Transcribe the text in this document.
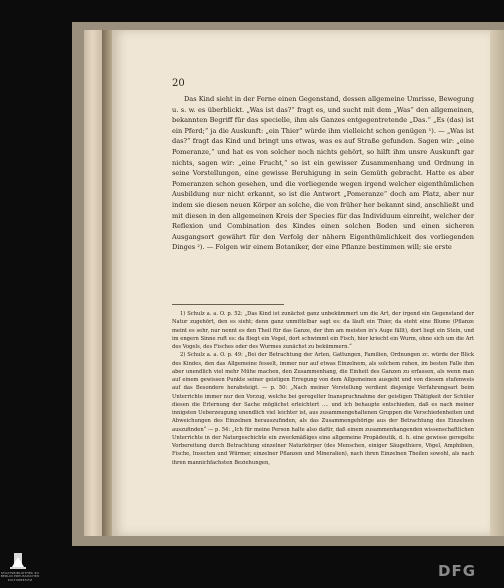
20

Das Kind sieht in der Ferne einen Gegenstand, dessen allgemeine Umrisse, Bewegung u. s. w. es überblickt. „Was ist das?“ fragt es, und sucht mit dem „Was“ den allgemeinen, bekannten Begriff für das specielle, ihm als Ganzes entgegentretende „Das.“ „Es (das) ist ein Pferd;“ ja die Auskunft: „ein Thier“ würde ihm vielleicht schon genügen ¹). — „Was ist das?“ fragt das Kind und bringt uns etwas, was es auf Straße gefunden. Sagen wir: „eine Pomeranze,“ und hat es von solcher noch nichts gehört, so hilft ihm unsre Auskunft gar nichts, sagen wir: „eine Frucht,“ so ist ein gewisser Zusammenhang und Ordnung in seine Vorstellungen, eine gewisse Beruhigung in sein Gemüth gebracht. Hatte es aber Pomeranzen schon gesehen, und die vorliegende wegen irgend welcher eigenthümlichen Ausbildung nur nicht erkannt, so ist die Antwort „Pomeranze“ doch am Platz, aber nur indem sie diesen neuen Körper an solche, die von früher her bekannt sind, anschließt und mit diesen in den allgemeinen Kreis der Species für das Individuum einreiht, welcher der Reflexion und Combination des Kindes einen solchen Boden und einen sicheren Ausgangsort gewährt für den Verfolg der nähern Eigenthümlichkeit des vorliegenden Dinges ²). — Folgen wir einem Botaniker, der eine Pflanze bestimmen will; sie erste

1) Schulz a. a. O. p. 52: „Das Kind ist zunächst ganz unbekümmert um die Art, der irgend ein Gegenstand der Natur zugehört, den es sieht; denn ganz unmittelbar sagt es: da läuft ein Thier, da steht eine Blume (Pflanze meint es sehr, nur nennt es den Theil für das Ganze, der ihm am meisten in's Auge fällt), dort liegt ein Stein, und im engern Sinne ruft es: da fliegt ein Vogel, dort schwimmt ein Fisch, hier kriecht ein Wurm, ohne sich um die Art des Vogels, des Fisches oder des Wurmes zunächst zu bekümmern.“

2) Schulz a. a. O. p. 49: „Bei der Betrachtung der Arten, Gattungen, Familien, Ordnungen zc. würde der Blick des Kindes, den das Allgemeine fesselt, immer nur auf etwas Einzelnem, als solchem ruhen, im besten Falle ihm aber unendlich viel mehr Mühe machen, den Zusammenhang, die Einheit des Ganzen zu erfassen, als wenn man auf einem gewissen Punkte seiner geistigen Erregung von dem Allgemeinen ausgeht und von diesem stufenweis auf das Besondere herabsteigt. — p. 50: „Nach meiner Vorstellung verdient diejenige Verfahrungsart beim Unterrichte immer nur den Vorzug, welche bei geregelter Inanspruchnahme der geistigen Thätigkeit der Schüler diesen die Erlernung der Sache möglichst erleichtert .... und ich behaupte entschieden, daß es nach meiner innigsten Ueberzeugung unendlich viel leichter ist, aus zusammengehaltenen Gruppen die Verschiedenheiten und Abweichungen des Einzelnen herauszufinden, als das Zusammengehörige aus der Betrachtung des Einzelnen auszufinden“ — p. 54: „Ich für meine Person halte also dafür, daß einem zusammenhangenden wissenschaftlichen Unterrichte in der Naturgeschichte ein zweckmäßiges eine allgemeine Propädeutik, d. h. eine gewisse geregelte Vorbereitung durch Betrachtung einzelner Naturkörper (des Menschen, einiger Säugethiere, Vögel, Amphibien, Fische, Insecten und Würmer, einzelner Pflanzen und Mineralien), nach ihren Einzelnen Theilen sowohl, als nach ihren mannichfachsten Beziehungen,

STAATSBIBLIOTHEK ZU BERLIN PREUSSISCHER KULTURBESITZ	DFG
